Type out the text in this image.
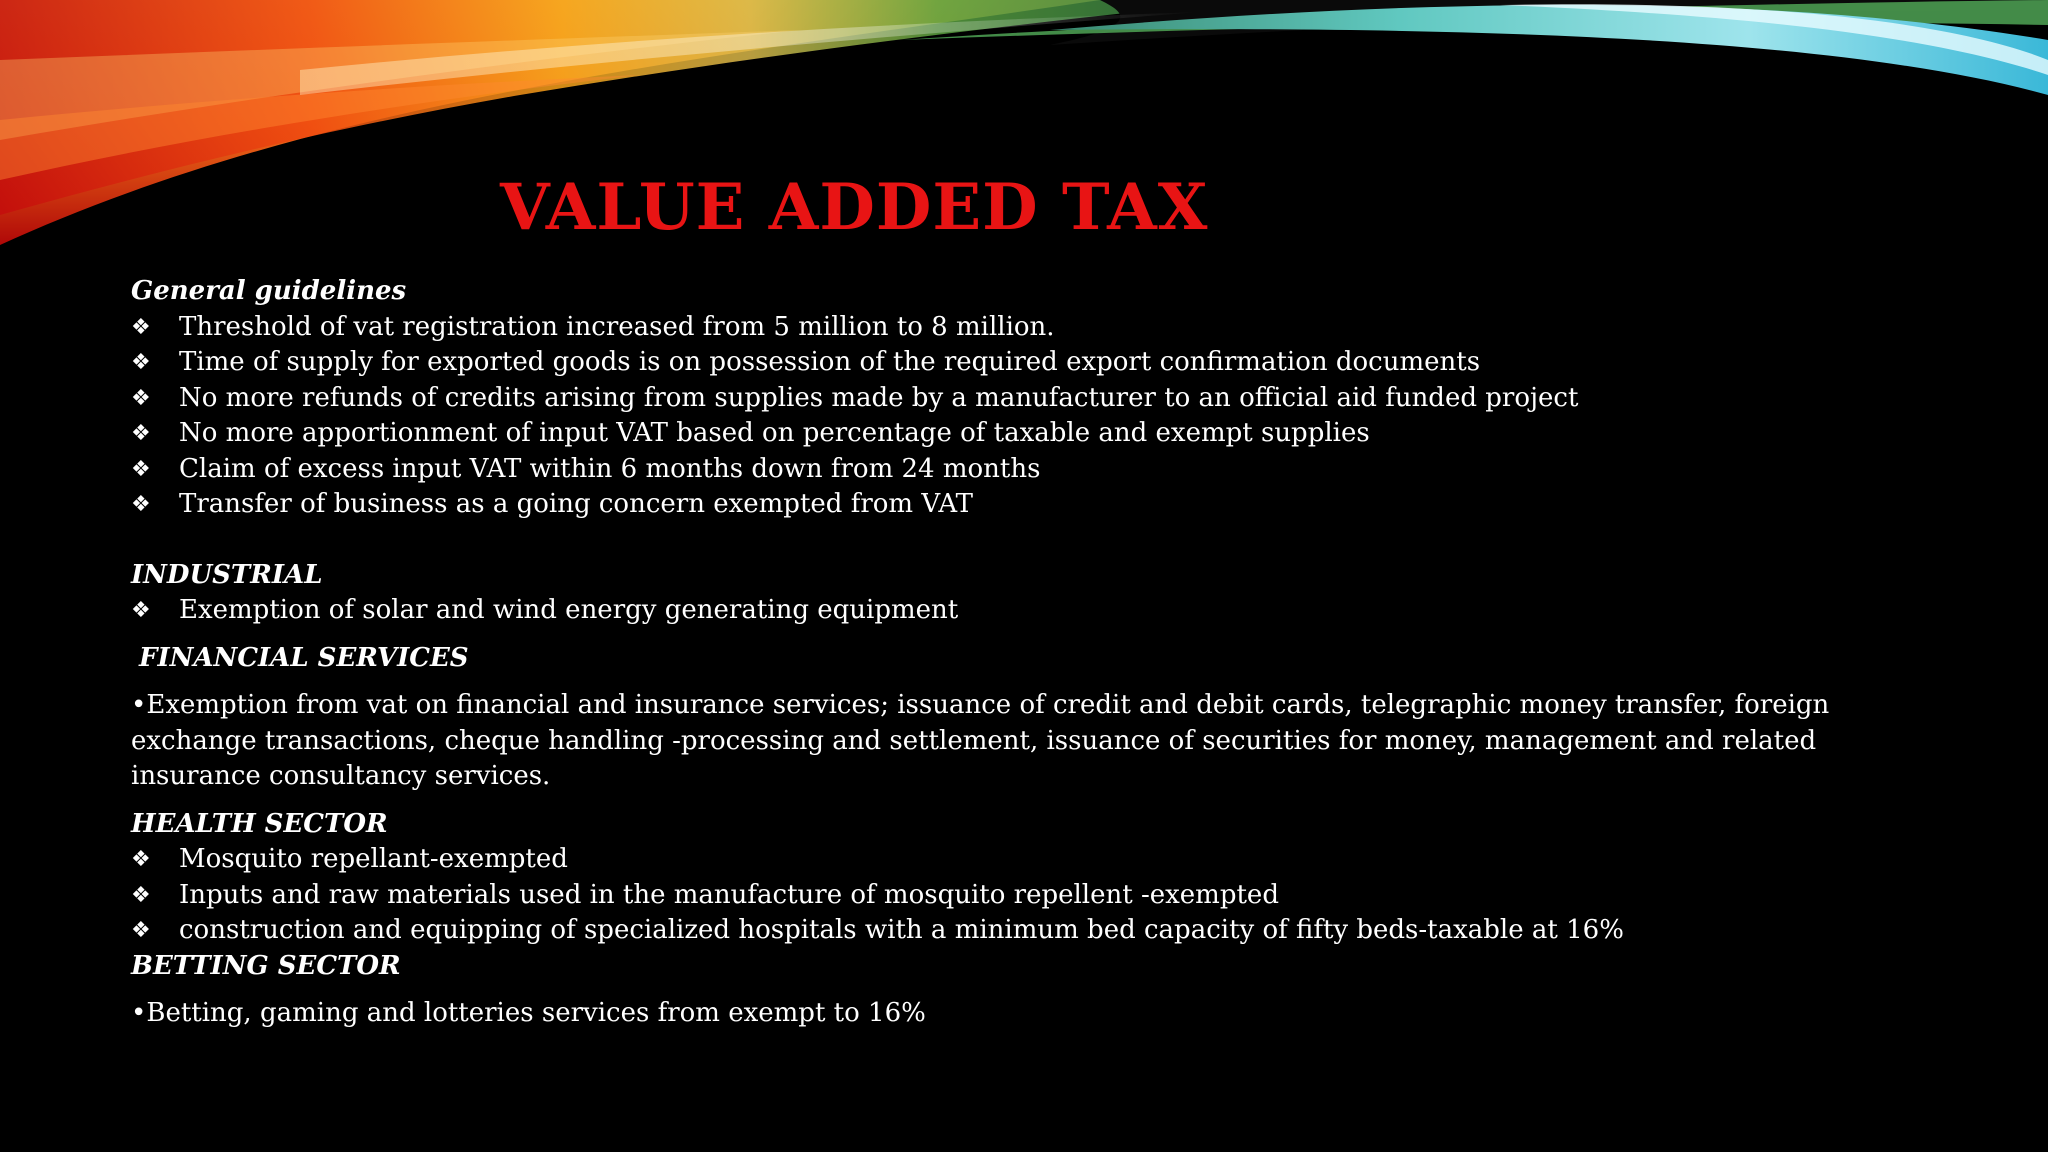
VALUE ADDED TAX

General guidelines

❖ Threshold of vat registration increased from 5 million to 8 million.
❖ Time of supply for exported goods is on possession of the required export confirmation documents
❖ No more refunds of credits arising from supplies made by a manufacturer to an official aid funded project
❖ No more apportionment of input VAT based on percentage of taxable and exempt supplies
❖ Claim of excess input VAT within 6 months down from 24 months
❖ Transfer of business as a going concern exempted from VAT

INDUSTRIAL

❖ Exemption of solar and wind energy generating equipment

FINANCIAL SERVICES

•Exemption from vat on financial and insurance services; issuance of credit and debit cards, telegraphic money transfer, foreign exchange transactions, cheque handling -processing and settlement, issuance of securities for money, management and related insurance consultancy services.

HEALTH SECTOR

❖ Mosquito repellant-exempted
❖ Inputs and raw materials used in the manufacture of mosquito repellent -exempted
❖ construction and equipping of specialized hospitals with a minimum bed capacity of fifty beds-taxable at 16%

BETTING SECTOR

•Betting, gaming and lotteries services from exempt to 16%
